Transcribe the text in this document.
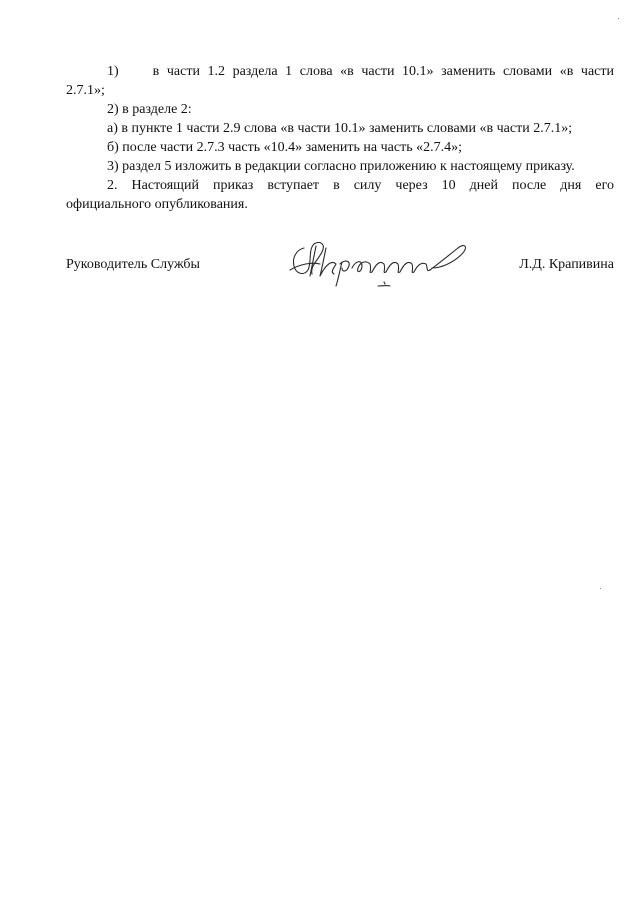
1) в части 1.2 раздела 1 слова «в части 10.1» заменить словами «в части
2.7.1»;
2) в разделе 2:
а) в пункте 1 части 2.9 слова «в части 10.1» заменить словами «в части 2.7.1»;
б) после части 2.7.3 часть «10.4» заменить на часть «2.7.4»;
3) раздел 5 изложить в редакции согласно приложению к настоящему приказу.
2. Настоящий приказ вступает в силу через 10 дней после дня его
официального опубликования.
Руководитель Службы	Л.Д. Крапивина
